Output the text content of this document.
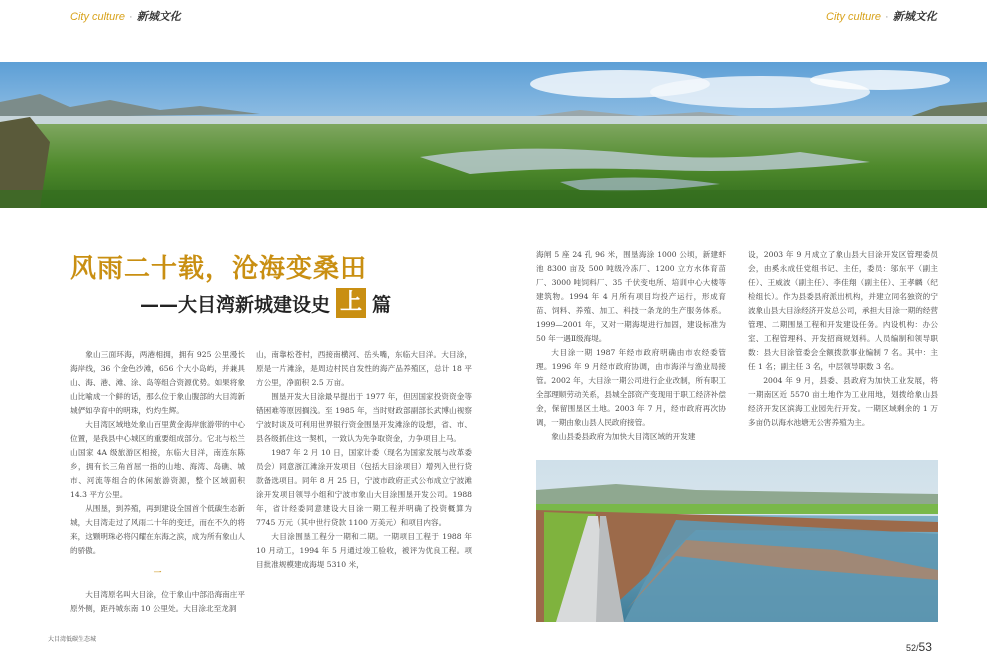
City culture · 新城文化	City culture · 新城文化
风雨二十载，沧海变桑田
——大目湾新城建设史 上 篇

象山三面环海，两港相拥，拥有 925 公里漫长海岸线，36 个金色沙滩，656 个大小岛屿，并兼具山、海、港、滩、涂、岛等组合资源优势。如果将象山比喻成一个鲜的话，那么位于象山腹部的大目湾新城俨如孕育中的明珠，灼灼生辉。

大目湾区域地处象山百里黄金海岸旅游带的中心位置，是我县中心城区的重要组成部分。它北与松兰山国家 4A 级旅游区相接，东临大目洋，南连东陈乡，拥有长三角首屈一指的山地、海湾、岛礁、城市、河流等组合的休闲旅游资源，整个区域面积 14.3 平方公里。

从围垦，到养殖，再到建设全国首个低碳生态新城，大目湾走过了风雨二十年的变迁，而在不久的将来，这颗明珠必将闪耀在东海之滨，成为所有象山人的骄傲。

一

大目湾原名叫大目涂，位于象山中部沿海南庄平原外侧，距丹城东南 10 公里处。大目涂北至龙洞

山，南靠松苍村，西接南横河、岳头嘴，东临大目洋。大目涂，原是一片滩涂，是周边村民自发性的海产品养殖区，总计 18 平方公里，净面积 2.5 万亩。

围垦开发大目涂最早提出于 1977 年，但因国家投资资金等错困难等原因搁浅。至 1985 年，当时财政部副部长武博山视察宁波时谈及可利用世界银行资金围垦开发滩涂的设想，省、市、县各级抓住这一契机，一致认为先争取资金，力争项目上马。

1987 年 2 月 10 日，国家计委（现名为国家发展与改革委员会）同意浙江滩涂开发项目（包括大目涂项目）增列入世行贷款备选项目。同年 8 月 25 日，宁波市政府正式公布成立宁波滩涂开发项目领导小组和宁波市象山大目涂围垦开发公司。1988 年，省计经委同意建设大目涂一期工程并明确了投资概算为 7745 万元（其中世行贷款 1100 万美元）和项目内容。

大目涂围垦工程分一期和二期。一期项目工程于 1988 年 10 月动工，1994 年 5 月通过竣工验收，被评为优良工程。项目批准规模建成海堤 5310 米，

海闸 5 座 24 孔 96 米，围垦海涂 1000 公顷，新建虾池 8300 亩及 500 吨级冷冻厂、1200 立方水体育苗厂、3000 吨饲料厂、35 千伏变电所、培训中心大楼等建筑物。1994 年 4 月所有项目均投产运行，形成育苗、饲料、养殖、加工、科技一条龙的生产服务体系。1999—2001 年，又对一期海堤进行加固，建设标准为 50 年一遇Ⅱ级海堤。

大目涂一期 1987 年经市政府明确由市农经委管理。1996 年 9 月经市政府协调，由市海洋与渔业局接管。2002 年，大目涂一期公司进行企业改制，所有职工全部理顺劳动关系，县城全部资产变现用于职工经济补偿金，保留围垦区土地。2003 年 7 月，经市政府再次协调，一期由象山县人民政府接管。

象山县委县政府为加快大目湾区域的开发建

设，2003 年 9 月成立了象山县大目涂开发区管理委员会，由奚永成任党组书记、主任，委员：邬东平（副主任）、王威波（副主任）、李佳翔（副主任）、王孝麟（纪检组长）。作为县委县府派出机构，并建立同名独资的宁波象山县大目涂经济开发总公司，承担大目涂一期的经营管理、二期围垦工程和开发建设任务。内设机构：办公室、工程管理科、开发招商规划科。人员编制和领导职数：县大目涂管委会全额拨款事业编制 7 名。其中：主任 1 名；副主任 3 名，中层领导职数 3 名。

2004 年 9 月，县委、县政府为加快工业发展，将一期南区近 5570 亩土地作为工业用地，划拨给象山县经济开发区滨海工业园先行开发。一期区域剩余的 1 万多亩仍以海水池塘无公害养殖为主。

大目湾低碳生态城
52/53
